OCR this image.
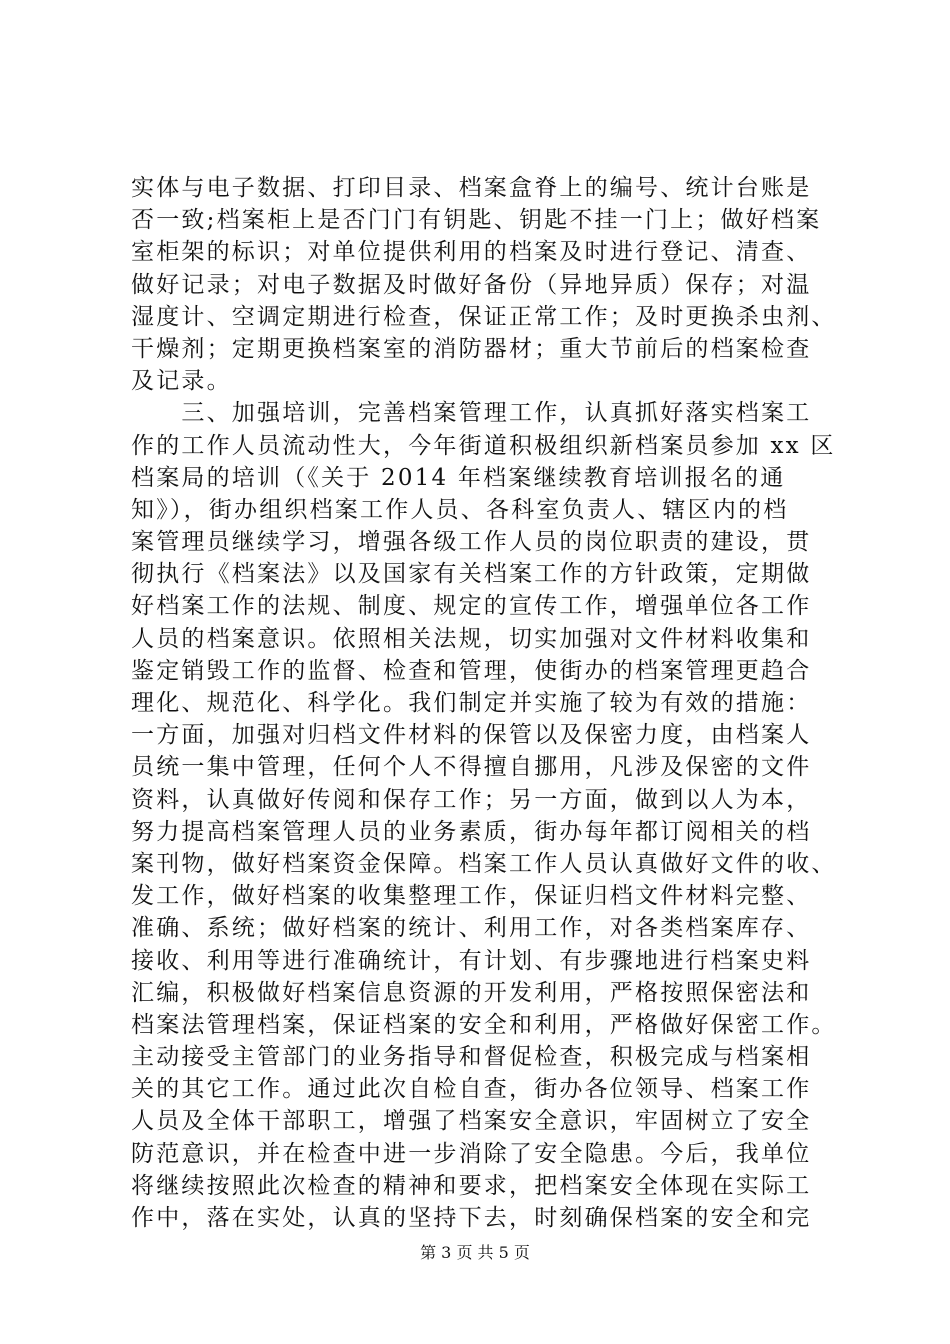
实体与电子数据、打印目录、档案盒脊上的编号、统计台账是
否一致;档案柜上是否门门有钥匙、钥匙不挂一门上；做好档案
室柜架的标识；对单位提供利用的档案及时进行登记、清查、
做好记录；对电子数据及时做好备份（异地异质）保存；对温
湿度计、空调定期进行检查，保证正常工作；及时更换杀虫剂、
干燥剂；定期更换档案室的消防器材；重大节前后的档案检查
及记录。
　　三、加强培训，完善档案管理工作，认真抓好落实档案工
作的工作人员流动性大，今年街道积极组织新档案员参加 xx 区
档案局的培训（《关于 2014 年档案继续教育培训报名的通
知》），街办组织档案工作人员、各科室负责人、辖区内的档
案管理员继续学习，增强各级工作人员的岗位职责的建设，贯
彻执行《档案法》以及国家有关档案工作的方针政策，定期做
好档案工作的法规、制度、规定的宣传工作，增强单位各工作
人员的档案意识。依照相关法规，切实加强对文件材料收集和
鉴定销毁工作的监督、检查和管理，使街办的档案管理更趋合
理化、规范化、科学化。我们制定并实施了较为有效的措施：
一方面，加强对归档文件材料的保管以及保密力度，由档案人
员统一集中管理，任何个人不得擅自挪用，凡涉及保密的文件
资料，认真做好传阅和保存工作；另一方面，做到以人为本，
努力提高档案管理人员的业务素质，街办每年都订阅相关的档
案刊物，做好档案资金保障。档案工作人员认真做好文件的收、
发工作，做好档案的收集整理工作，保证归档文件材料完整、
准确、系统；做好档案的统计、利用工作，对各类档案库存、
接收、利用等进行准确统计，有计划、有步骤地进行档案史料
汇编，积极做好档案信息资源的开发利用，严格按照保密法和
档案法管理档案，保证档案的安全和利用，严格做好保密工作。
主动接受主管部门的业务指导和督促检查，积极完成与档案相
关的其它工作。通过此次自检自查，街办各位领导、档案工作
人员及全体干部职工，增强了档案安全意识，牢固树立了安全
防范意识，并在检查中进一步消除了安全隐患。今后，我单位
将继续按照此次检查的精神和要求，把档案安全体现在实际工
作中，落在实处，认真的坚持下去，时刻确保档案的安全和完
第 3 页 共 5 页
